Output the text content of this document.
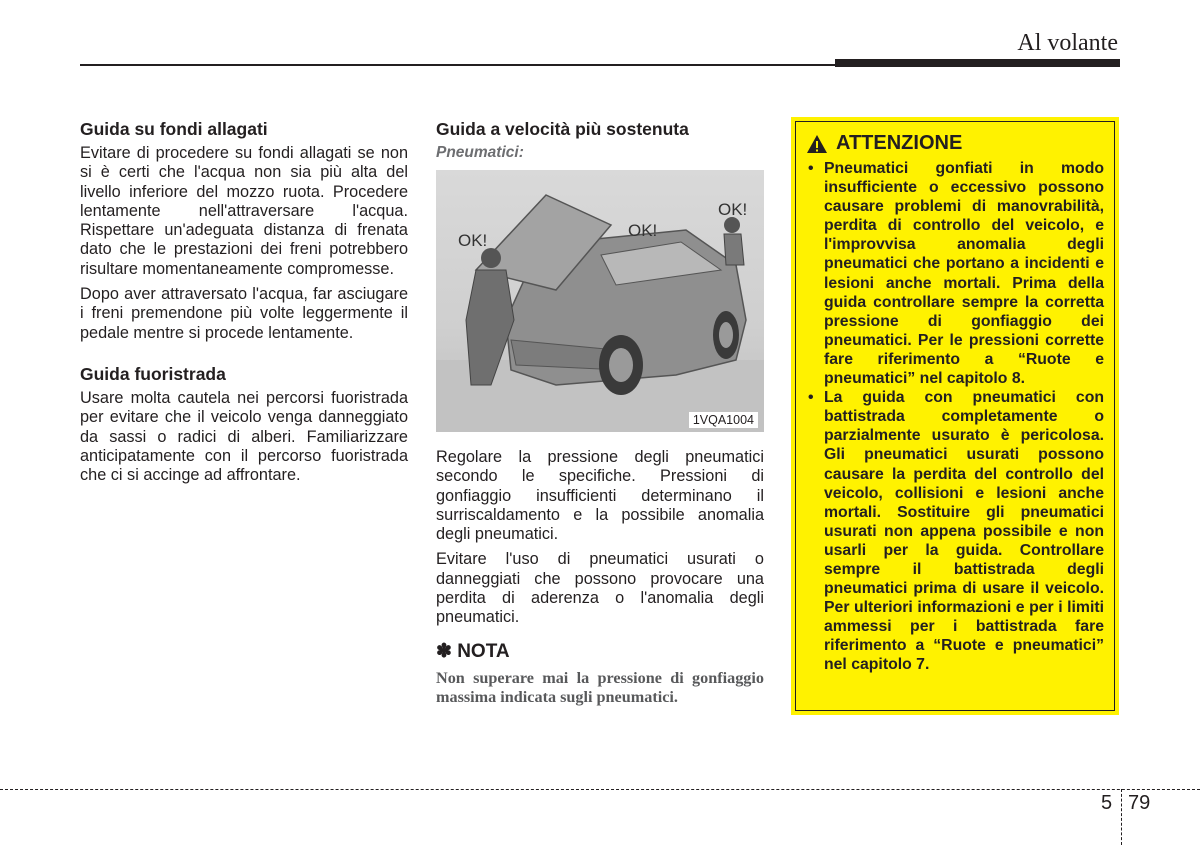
Al volante
Guida su fondi allagati

Evitare di procedere su fondi allagati se non si è certi che l'acqua non sia più alta del livello inferiore del mozzo ruota. Procedere lentamente nell'attraversare l'acqua. Rispettare un'adeguata distanza di frenata dato che le prestazioni dei freni potrebbero risultare momentaneamente compromesse.

Dopo aver attraversato l'acqua, far asciugare i freni premendone più volte leggermente il pedale mentre si procede lentamente.

Guida fuoristrada

Usare molta cautela nei percorsi fuoristrada per evitare che il veicolo venga danneggiato da sassi o radici di alberi. Familiarizzare anticipatamente con il percorso fuoristrada che ci si accinge ad affrontare.

Guida a velocità più sostenuta
Pneumatici:
OK!
OK!
OK!
1VQA1004

Regolare la pressione degli pneumatici secondo le specifiche. Pressioni di gonfiaggio insufficienti determinano il surriscaldamento e la possibile anomalia degli pneumatici.

Evitare l'uso di pneumatici usurati o danneggiati che possono provocare una perdita di aderenza o l'anomalia degli pneumatici.

✽ NOTA

Non superare mai la pressione di gonfiaggio massima indicata sugli pneumatici.

ATTENZIONE
• Pneumatici gonfiati in modo insufficiente o eccessivo possono causare problemi di manovrabilità, perdita di controllo del veicolo, e l'improvvisa anomalia degli pneumatici che portano a incidenti e lesioni anche mortali. Prima della guida controllare sempre la corretta pressione di gonfiaggio dei pneumatici. Per le pressioni corrette fare riferimento a “Ruote e pneumatici” nel capitolo 8.
• La guida con pneumatici con battistrada completamente o parzialmente usurato è pericolosa. Gli pneumatici usurati possono causare la perdita del controllo del veicolo, collisioni e lesioni anche mortali. Sostituire gli pneumatici usurati non appena possibile e non usarli per la guida. Controllare sempre il battistrada degli pneumatici prima di usare il veicolo. Per ulteriori informazioni e per i limiti ammessi per i battistrada fare riferimento a “Ruote e pneumatici” nel capitolo 7.
5 79
